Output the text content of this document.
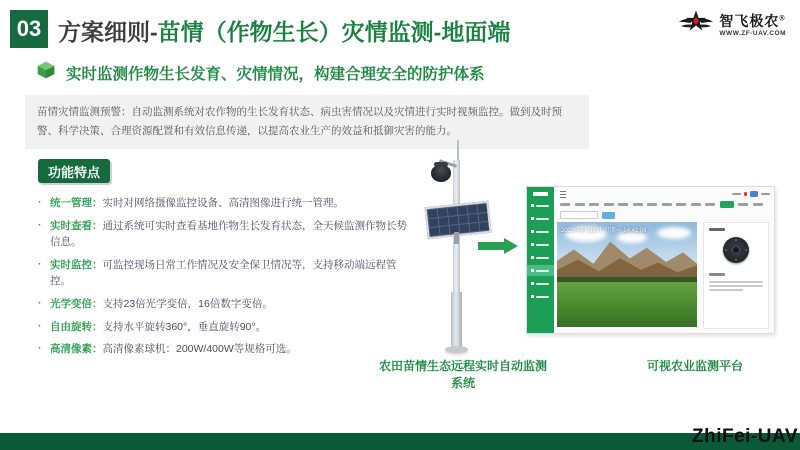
03 方案细则-苗情（作物生长）灾情监测-地面端	智飞极农®
WWW.ZF-UAV.COM
实时监测作物生长发育、灾情情况，构建合理安全的防护体系
苗情灾情监测预警：自动监测系统对农作物的生长发育状态、病虫害情况以及灾情进行实时视频监控。做到及时预警、科学决策、合理资源配置和有效信息传递，以提高农业生产的效益和抵御灾害的能力。
功能特点
· 统一管理：实时对网络摄像监控设备、高清图像进行统一管理。
· 实时查看：通过系统可实时查看基地作物生长发育状态，全天候监测作物长势信息。
· 实时监控：可监控现场日常工作情况及安全保卫情况等，支持移动端远程管控。
· 光学变倍：支持23倍光学变倍，16倍数字变倍。
· 自由旋转：支持水平旋转360°，垂直旋转90°。
· 高清像素：高清像素球机：200W/400W等规格可选。
农田苗情生态远程实时自动监测系统
2022年4月11日 星期一 14:42:06
可视农业监测平台
ZhiFei-UAV
